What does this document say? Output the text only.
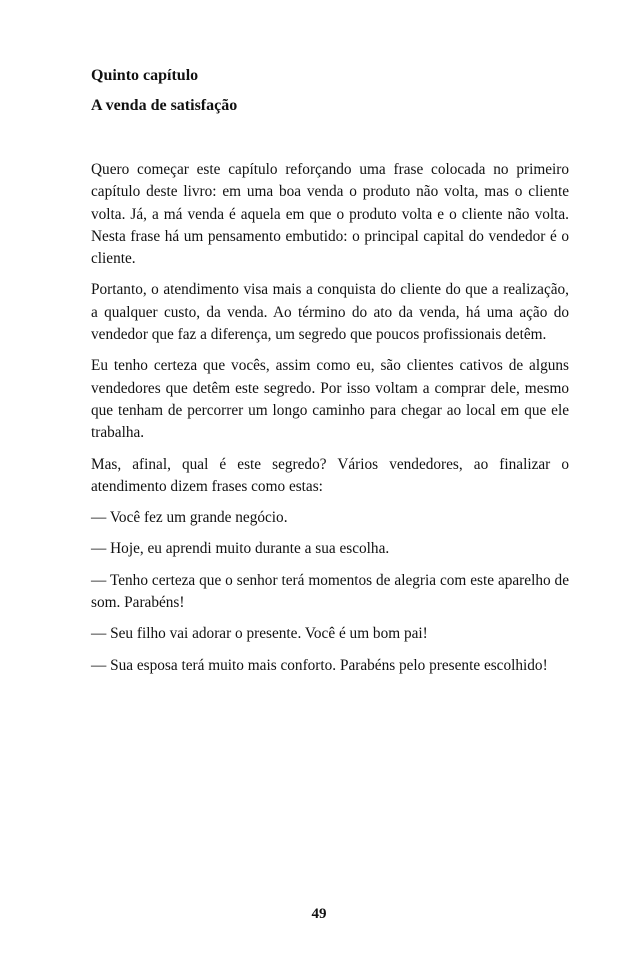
Quinto capítulo
A venda de satisfação

Quero começar este capítulo reforçando uma frase colocada no primeiro capítulo deste livro: em uma boa venda o produto não volta, mas o cliente volta. Já, a má venda é aquela em que o produto volta e o cliente não volta. Nesta frase há um pensamento embutido: o principal capital do vendedor é o cliente.

Portanto, o atendimento visa mais a conquista do cliente do que a realização, a qualquer custo, da venda. Ao término do ato da venda, há uma ação do vendedor que faz a diferença, um segredo que poucos profissionais detêm.

Eu tenho certeza que vocês, assim como eu, são clientes cativos de alguns vendedores que detêm este segredo. Por isso voltam a comprar dele, mesmo que tenham de percorrer um longo caminho para chegar ao local em que ele trabalha.

Mas, afinal, qual é este segredo? Vários vendedores, ao finalizar o atendimento dizem frases como estas:

— Você fez um grande negócio.

— Hoje, eu aprendi muito durante a sua escolha.

— Tenho certeza que o senhor terá momentos de alegria com este aparelho de som. Parabéns!

— Seu filho vai adorar o presente. Você é um bom pai!

— Sua esposa terá muito mais conforto. Parabéns pelo presente escolhido!

49
